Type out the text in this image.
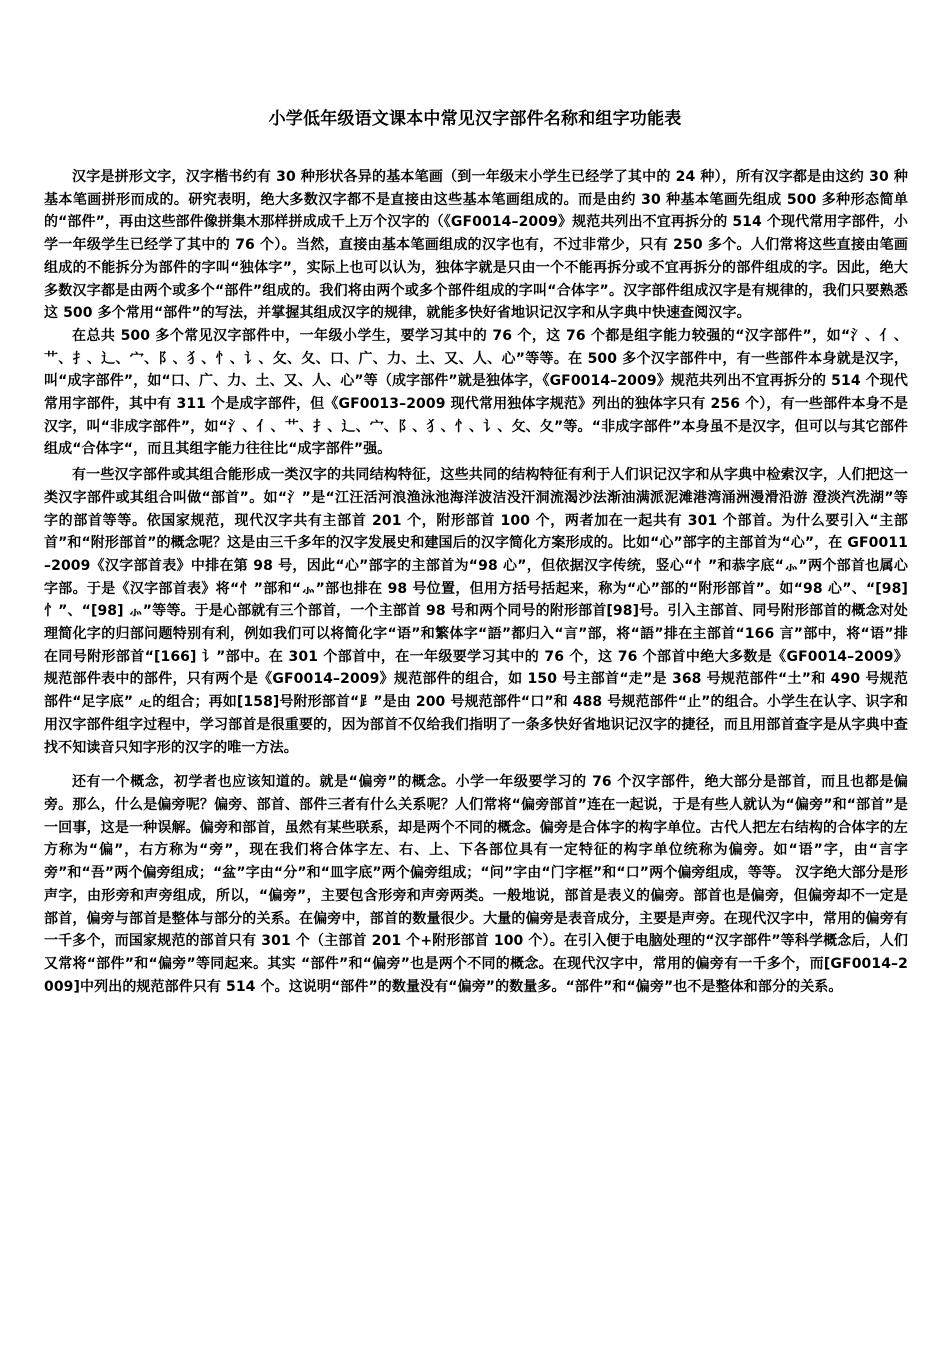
小学低年级语文课本中常见汉字部件名称和组字功能表

汉字是拼形文字，汉字楷书约有 30 种形状各异的基本笔画（到一年级末小学生已经学了其中的 24 种），所有汉字都是由这约 30 种基本笔画拼形而成的。研究表明，绝大多数汉字都不是直接由这些基本笔画组成的。而是由约 30 种基本笔画先组成 500 多种形态简单的“部件”，再由这些部件像拼集木那样拼成成千上万个汉字的（《GF0014–2009》规范共列出不宜再拆分的 514 个现代常用字部件，小学一年级学生已经学了其中的 76 个）。当然，直接由基本笔画组成的汉字也有，不过非常少，只有 250 多个。人们常将这些直接由笔画组成的不能拆分为部件的字叫“独体字”，实际上也可以认为，独体字就是只由一个不能再拆分或不宜再拆分的部件组成的字。因此，绝大多数汉字都是由两个或多个“部件”组成的。我们将由两个或多个部件组成的字叫“合体字”。汉字部件组成汉字是有规律的，我们只要熟悉这 500 多个常用“部件”的写法，并掌握其组成汉字的规律，就能多快好省地识记汉字和从字典中快速查阅汉字。

在总共 500 多个常见汉字部件中，一年级小学生，要学习其中的 76 个，这 76 个都是组字能力较强的“汉字部件”，如“氵、亻、艹、扌、辶、宀、阝、犭、忄、讠、攵、夂、口、广、力、土、又、人、心”等等。在 500 多个汉字部件中，有一些部件本身就是汉字，叫“成字部件”，如“口、广、力、土、又、人、心”等（成字部件”就是独体字，《GF0014–2009》规范共列出不宜再拆分的 514 个现代常用字部件，其中有 311 个是成字部件，但《GF0013–2009 现代常用独体字规范》列出的独体字只有 256 个），有一些部件本身不是汉字，叫“非成字部件”，如“氵、亻、艹、扌、辶、宀、阝、犭、忄、讠、攵、夂”等。“非成字部件”本身虽不是汉字，但可以与其它部件组成“合体字“，而且其组字能力往往比“成字部件”强。

有一些汉字部件或其组合能形成一类汉字的共同结构特征，这些共同的结构特征有利于人们识记汉字和从字典中检索汉字，人们把这一类汉字部件或其组合叫做“部首”。如“氵”是“江汪活河浪渔泳池海洋波洁没汗洞流渴沙法渐油满派泥滩港湾涌洲漫滑沿游 澄淡汽洗湖”等字的部首等等。依国家规范，现代汉字共有主部首 201 个，附形部首 100 个，两者加在一起共有 301 个部首。为什么要引入“主部首”和“附形部首”的概念呢？这是由三千多年的汉字发展史和建国后的汉字简化方案形成的。比如“心”部字的主部首为“心”，在 GF0011–2009《汉字部首表》中排在第 98 号，因此“心”部字的主部首为“98 心”，但依据汉字传统，竖心“忄”和恭字底“⺗”两个部首也属心字部。于是《汉字部首表》将“忄”部和“⺗”部也排在 98 号位置，但用方括号括起来，称为“心”部的“附形部首”。如“98 心”、“[98] 忄”、“[98] ⺗”等等。于是心部就有三个部首，一个主部首 98 号和两个同号的附形部首[98]号。引入主部首、同号附形部首的概念对处理简化字的归部问题特别有利，例如我们可以将简化字“语”和繁体字“語”都归入“言”部，将“語”排在主部首“166 言”部中，将“语”排在同号附形部首“[166] 讠”部中。在 301 个部首中，在一年级要学习其中的 76 个，这 76 个部首中绝大多数是《GF0014–2009》规范部件表中的部件，只有两个是《GF0014–2009》规范部件的组合，如 150 号主部首“走”是 368 号规范部件“土”和 490 号规范部件“足字底” 龰的组合；再如[158]号附形部首“⻊”是由 200 号规范部件“口”和 488 号规范部件“止”的组合。小学生在认字、识字和用汉字部件组字过程中，学习部首是很重要的，因为部首不仅给我们指明了一条多快好省地识记汉字的捷径，而且用部首查字是从字典中查找不知读音只知字形的汉字的唯一方法。

还有一个概念，初学者也应该知道的。就是“偏旁”的概念。小学一年级要学习的 76 个汉字部件，绝大部分是部首，而且也都是偏旁。那么，什么是偏旁呢？偏旁、部首、部件三者有什么关系呢？人们常将“偏旁部首”连在一起说，于是有些人就认为“偏旁”和“部首”是一回事，这是一种误解。偏旁和部首，虽然有某些联系，却是两个不同的概念。偏旁是合体字的构字单位。古代人把左右结构的合体字的左方称为“偏”，右方称为“旁”，现在我们将合体字左、右、上、下各部位具有一定特征的构字单位统称为偏旁。如“语”字，由“言字旁”和“吾”两个偏旁组成；“盆”字由“分”和“皿字底”两个偏旁组成；“问”字由“门字框”和“口”两个偏旁组成，等等。 汉字绝大部分是形声字，由形旁和声旁组成，所以，“偏旁”，主要包含形旁和声旁两类。一般地说，部首是表义的偏旁。部首也是偏旁，但偏旁却不一定是部首，偏旁与部首是整体与部分的关系。在偏旁中，部首的数量很少。大量的偏旁是表音成分，主要是声旁。在现代汉字中，常用的偏旁有一千多个，而国家规范的部首只有 301 个（主部首 201 个+附形部首 100 个）。在引入便于电脑处理的“汉字部件”等科学概念后，人们又常将“部件”和“偏旁”等同起来。其实 “部件”和“偏旁”也是两个不同的概念。在现代汉字中，常用的偏旁有一千多个，而[GF0014–2009]中列出的规范部件只有 514 个。这说明“部件”的数量没有“偏旁”的数量多。“部件”和“偏旁”也不是整体和部分的关系。
